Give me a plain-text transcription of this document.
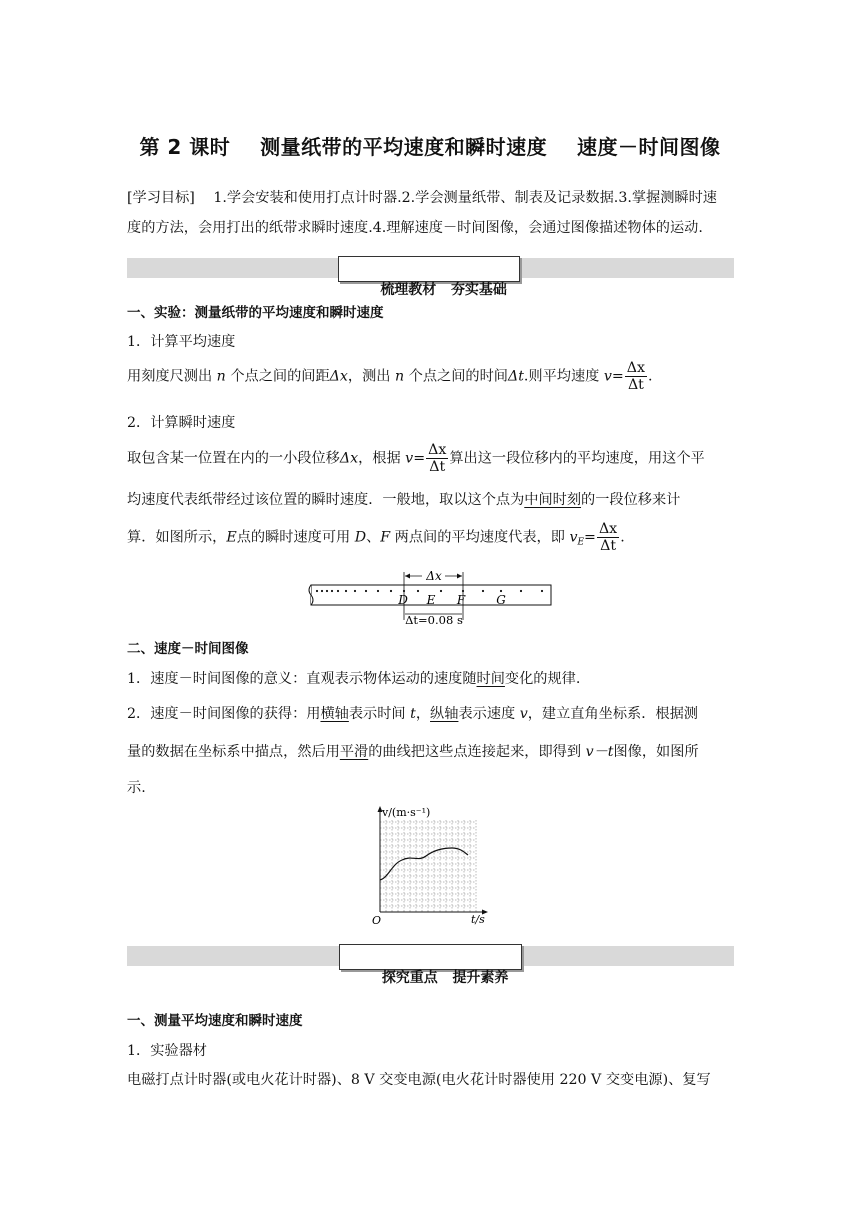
第 2 课时    测量纸带的平均速度和瞬时速度    速度－时间图像
[学习目标] 1.学会安装和使用打点计时器.2.学会测量纸带、制表及记录数据.3.掌握测瞬时速
度的方法，会用打出的纸带求瞬时速度.4.理解速度－时间图像，会通过图像描述物体的运动.

梳理教材 夯实基础

一、实验：测量纸带的平均速度和瞬时速度
1．计算平均速度
用刻度尺测出 n 个点之间的间距Δx，测出 n 个点之间的时间Δt.则平均速度 $v= \frac{\Delta x}{\Delta t}$ .
2．计算瞬时速度
取包含某一位置在内的一小段位移Δx，根据 $v= \frac{\Delta x}{\Delta t}$ 算出这一段位移内的平均速度，用这个平
均速度代表纸带经过该位置的瞬时速度．一般地，取以这个点为中间时刻的一段位移来计
算．如图所示，E点的瞬时速度可用 D、F 两点间的平均速度代表，即 $v_E= \frac{\Delta x}{\Delta t}$ .
Δx
D E F	G
Δt=0.08 s
二、速度－时间图像
1．速度－时间图像的意义：直观表示物体运动的速度随时间变化的规律.
2．速度－时间图像的获得：用横轴表示时间 t，纵轴表示速度 v，建立直角坐标系．根据测
量的数据在坐标系中描点，然后用平滑的曲线把这些点连接起来，即得到 v－t图像，如图所
示.
v/(m·s⁻¹)
t/s
O

探究重点 提升素养

一、测量平均速度和瞬时速度
1．实验器材
电磁打点计时器(或电火花计时器)、8 V 交变电源(电火花计时器使用 220 V 交变电源)、复写
